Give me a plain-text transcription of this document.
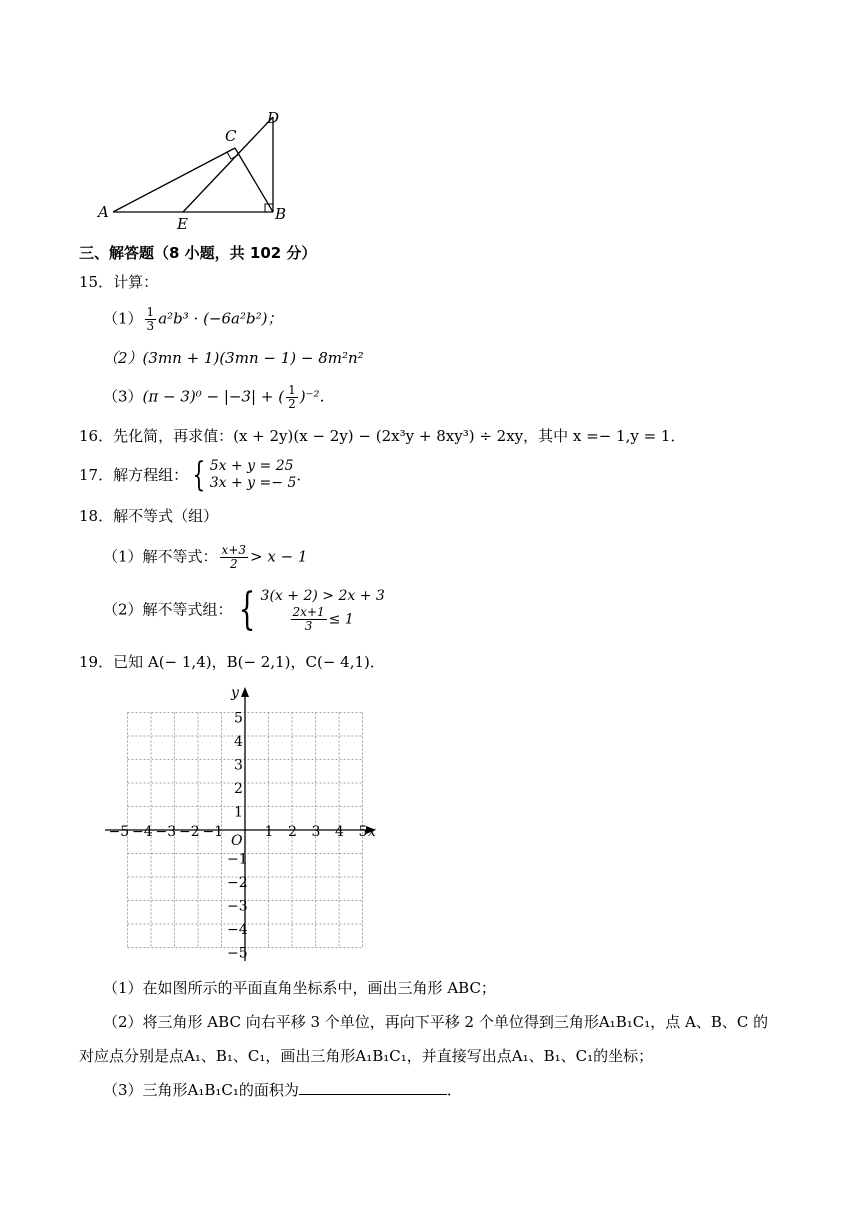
A	B
C
D
E
三、解答题（8 小题，共 102 分）
15．计算：
$(1) \frac{1}{3} a^2b^3 \cdot (-6a^2b^2)$；
（2）(3mn + 1)(3mn − 1) − 8m²n²
（3）(π − 3)⁰ − |−3| + ( $\frac{1}{2} )^{-2}$．
16．先化简，再求值：(x + 2y)(x − 2y) − (2x³y + 8xy³) ÷ 2xy，其中 x =− 1,y = 1．
17．解方程组： { 5x + y = 25
3x + y =− 5 ．
18．解不等式（组）
（1）解不等式： $\frac{x+3}{2} > x - 1$
（2）解不等式组： { 3(x + 2) > 2x + 3
$\frac{2x+1}{3} \le 1$
19．已知 A(− 1,4)，B(− 2,1)，C(− 4,1)．
x
y
O
−5 −4 −3 −2 −1	1 2 3 4 5
5
4
3
2
1
−1
−2
−3
−4
−5
（1）在如图所示的平面直角坐标系中，画出三角形 ABC；
（2）将三角形 ABC 向右平移 3 个单位，再向下平移 2 个单位得到三角形A₁B₁C₁，点 A、B、C 的
对应点分别是点A₁、B₁、C₁，画出三角形A₁B₁C₁，并直接写出点A₁、B₁、C₁的坐标；
（3）三角形A₁B₁C₁的面积为	．
